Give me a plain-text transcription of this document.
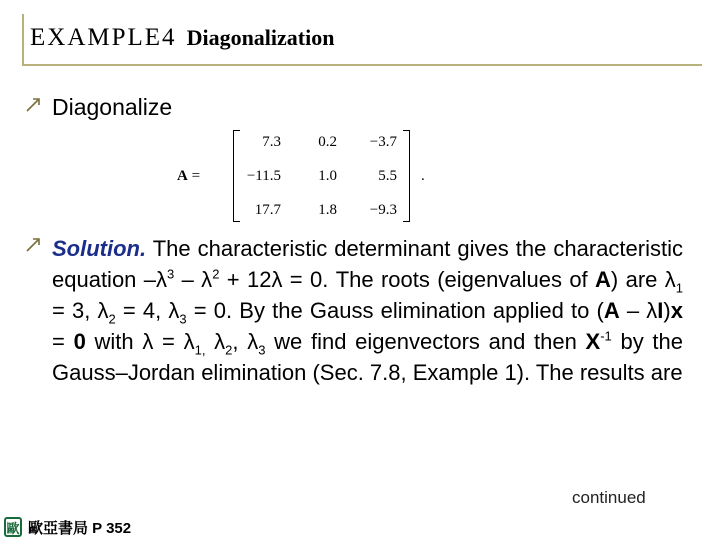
EXAMPLE4 Diagonalization
Diagonalize
A =
7.3	0.2	−3.7
−11.5	1.0	5.5
17.7	1.8	−9.3
.
Solution. The characteristic determinant gives the characteristic equation $-\lambda^3 - \lambda^2 + 12\lambda = 0$. The roots (eigenvalues of A) are $\lambda_1 = 3$, $\lambda_2 = 4$, $\lambda_3 = 0$. By the Gauss elimination applied to (A – λI)x = 0 with $\lambda = \lambda_{1,}$ $\lambda_2$, $\lambda_3$ we find eigenvectors and then $X^{-1}$ by the Gauss–Jordan elimination (Sec. 7.8, Example 1). The results are
continued
歐 歐亞書局 P 352
